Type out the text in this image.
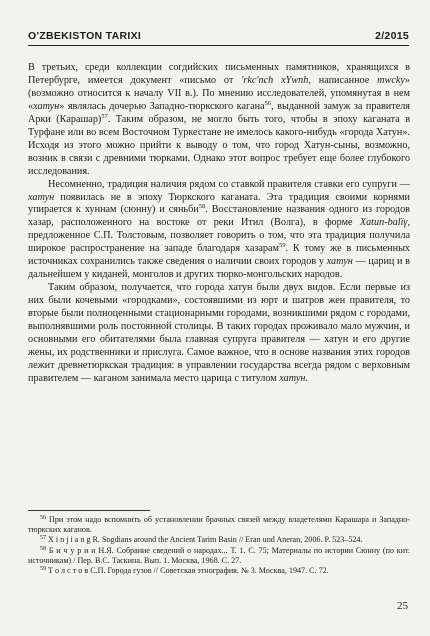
O'ZBEKISTON TARIXI	2/2015

В третьих, среди коллекции согдийских письменных памятников, хранящихся в Петербурге, имеется документ «письмо от 'rkc'nch xYwnh, написанное mwcky» (возможно относится к началу VII в.). По мнению исследователей, упомянутая в нем «хатун» являлась дочерью Западно-тюркского кагана$^{56}$, выданной замуж за правителя Арки (Карашар)$^{57}$. Таким образом, не могло быть того, чтобы в эпоху каганата в Турфане или во всем Восточном Туркестане не имелось какого-нибудь «города Хатун». Исходя из этого можно прийти к выводу о том, что город Хатун-сыны, возможно, возник в связи с древними тюрками. Однако этот вопрос требует еще более глубокого исследования.

Несомненно, традиция наличия рядом со ставкой правителя ставки его супруги — хатун появилась не в эпоху Тюркского каганата. Эта традиция своими корнями упирается к хуннам (сюнну) и сяньби$^{58}$. Восстановление названия одного из городов хазар, расположенного на востоке от реки Итил (Волга), в форме Xatun-balïγ, предложенное С.П. Толстовым, позволяет говорить о том, что эта традиция получила широкое распространение на западе благодаря хазарам$^{59}$. К тому же в письменных источниках сохранились также сведения о наличии своих городов у хатун — цариц и в дальнейшем у киданей, монголов и других тюрко-монгольских народов.

Таким образом, получается, что города хатун были двух видов. Если первые из них были кочевыми «городками», состоявшими из юрт и шатров жен правителя, то вторые были полноценными стационарными городами, возникшими рядом с городами, выполнявшими роль постоянной столицы. В таких городах проживало мало мужчин, и основными его обитателями была главная супруга правителя — хатун и его другие жены, их родственники и прислуга. Самое важное, что в основе названия этих городов лежит древнетюркская традиция: в управлении государства всегда рядом с верховным правителем — каганом занимала место царица с титулом хатун.

$^{56}$ При этом надо вспомнить об установлении брачных связей между владетелями Карашара и Западно-тюркских каганов.

$^{57}$ X i n j i a n g R. Sogdians around the Ancient Tarim Basin // Eran und Aneran, 2006. P. 523–524.

$^{58}$ Б и ч у р и н Н.Я. Собрание сведений о народах... Т. 1. С. 75; Материалы по истории Сюнну (по кит. источникам) / Пер. B.C. Таскина. Вып. 1. Москва, 1968. С. 27.

$^{59}$ Т о л с т о в С.П. Города гузов // Советская этнография. № 3. Москва, 1947. С. 72.

25
